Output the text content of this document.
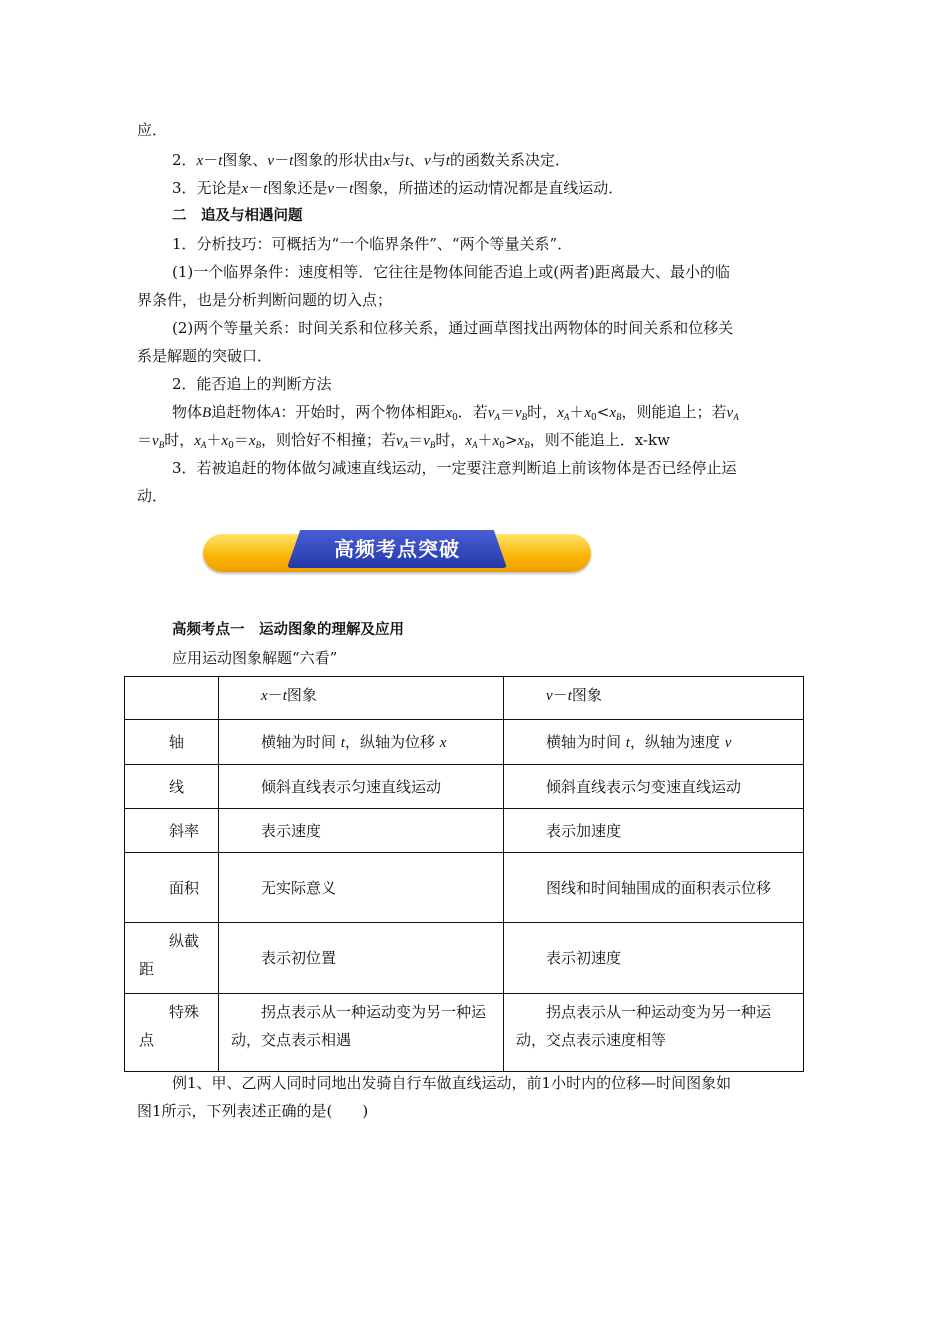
应．
2．x－t图象、v－t图象的形状由x与t、v与t的函数关系决定．
3．无论是x－t图象还是v－t图象，所描述的运动情况都是直线运动．
二　追及与相遇问题
1．分析技巧：可概括为“一个临界条件”、“两个等量关系”．
(1)一个临界条件：速度相等．它往往是物体间能否追上或(两者)距离最大、最小的临
界条件，也是分析判断问题的切入点；
(2)两个等量关系：时间关系和位移关系，通过画草图找出两物体的时间关系和位移关
系是解题的突破口．
2．能否追上的判断方法
物体B追赶物体A：开始时，两个物体相距$x_0$．若$v_A=v_B$时，$x_A+x_0<x_B$，则能追上；若$v_A$
$=v_B$时，$x_A+x_0=x_B$，则恰好不相撞；若$v_A=v_B$时，$x_A+x_0>x_B$，则不能追上．x-kw
3．若被追赶的物体做匀减速直线运动，一定要注意判断追上前该物体是否已经停止运
动．
高频考点突破
高频考点一　运动图象的理解及应用
应用运动图象解题“六看”
	x－t图象	v－t图象
轴	横轴为时间 t，纵轴为位移 x	横轴为时间 t，纵轴为速度 v
线	倾斜直线表示匀速直线运动	倾斜直线表示匀变速直线运动
斜率	表示速度	表示加速度
面积	无实际意义	图线和时间轴围成的面积表示位移
纵截距	表示初位置	表示初速度
特殊点	拐点表示从一种运动变为另一种运动，交点表示相遇	拐点表示从一种运动变为另一种运动，交点表示速度相等
例1、甲、乙两人同时同地出发骑自行车做直线运动，前1小时内的位移—时间图象如
图1所示，下列表述正确的是(　　)
